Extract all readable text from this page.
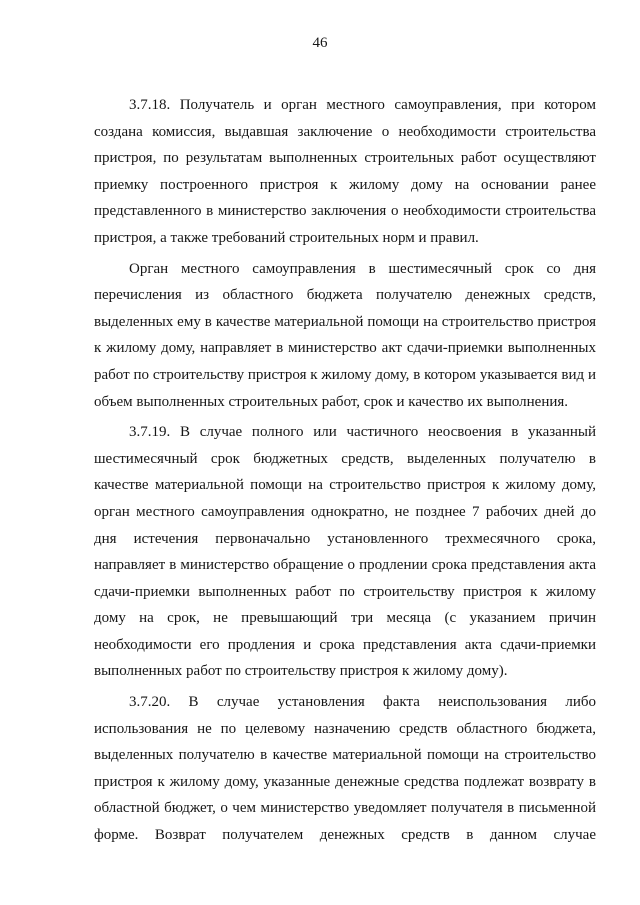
46

3.7.18. Получатель и орган местного самоуправления, при котором создана комиссия, выдавшая заключение о необходимости строительства пристроя, по результатам выполненных строительных работ осуществляют приемку построенного пристроя к жилому дому на основании ранее представленного в министерство заключения о необходимости строительства пристроя, а также требований строительных норм и правил.

Орган местного самоуправления в шестимесячный срок со дня перечисления из областного бюджета получателю денежных средств, выделенных ему в качестве материальной помощи на строительство пристроя к жилому дому, направляет в министерство акт сдачи-приемки выполненных работ по строительству пристроя к жилому дому, в котором указывается вид и объем выполненных строительных работ, срок и качество их выполнения.

3.7.19. В случае полного или частичного неосвоения в указанный шестимесячный срок бюджетных средств, выделенных получателю в качестве материальной помощи на строительство пристроя к жилому дому, орган местного самоуправления однократно, не позднее 7 рабочих дней до дня истечения первоначально установленного трехмесячного срока, направляет в министерство обращение о продлении срока представления акта сдачи-приемки выполненных работ по строительству пристроя к жилому дому на срок, не превышающий три месяца (с указанием причин необходимости его продления и срока представления акта сдачи-приемки выполненных работ по строительству пристроя к жилому дому).

3.7.20. В случае установления факта неиспользования либо использования не по целевому назначению средств областного бюджета, выделенных получателю в качестве материальной помощи на строительство пристроя к жилому дому, указанные денежные средства подлежат возврату в областной бюджет, о чем министерство уведомляет получателя в письменной форме. Возврат получателем денежных средств в данном случае
